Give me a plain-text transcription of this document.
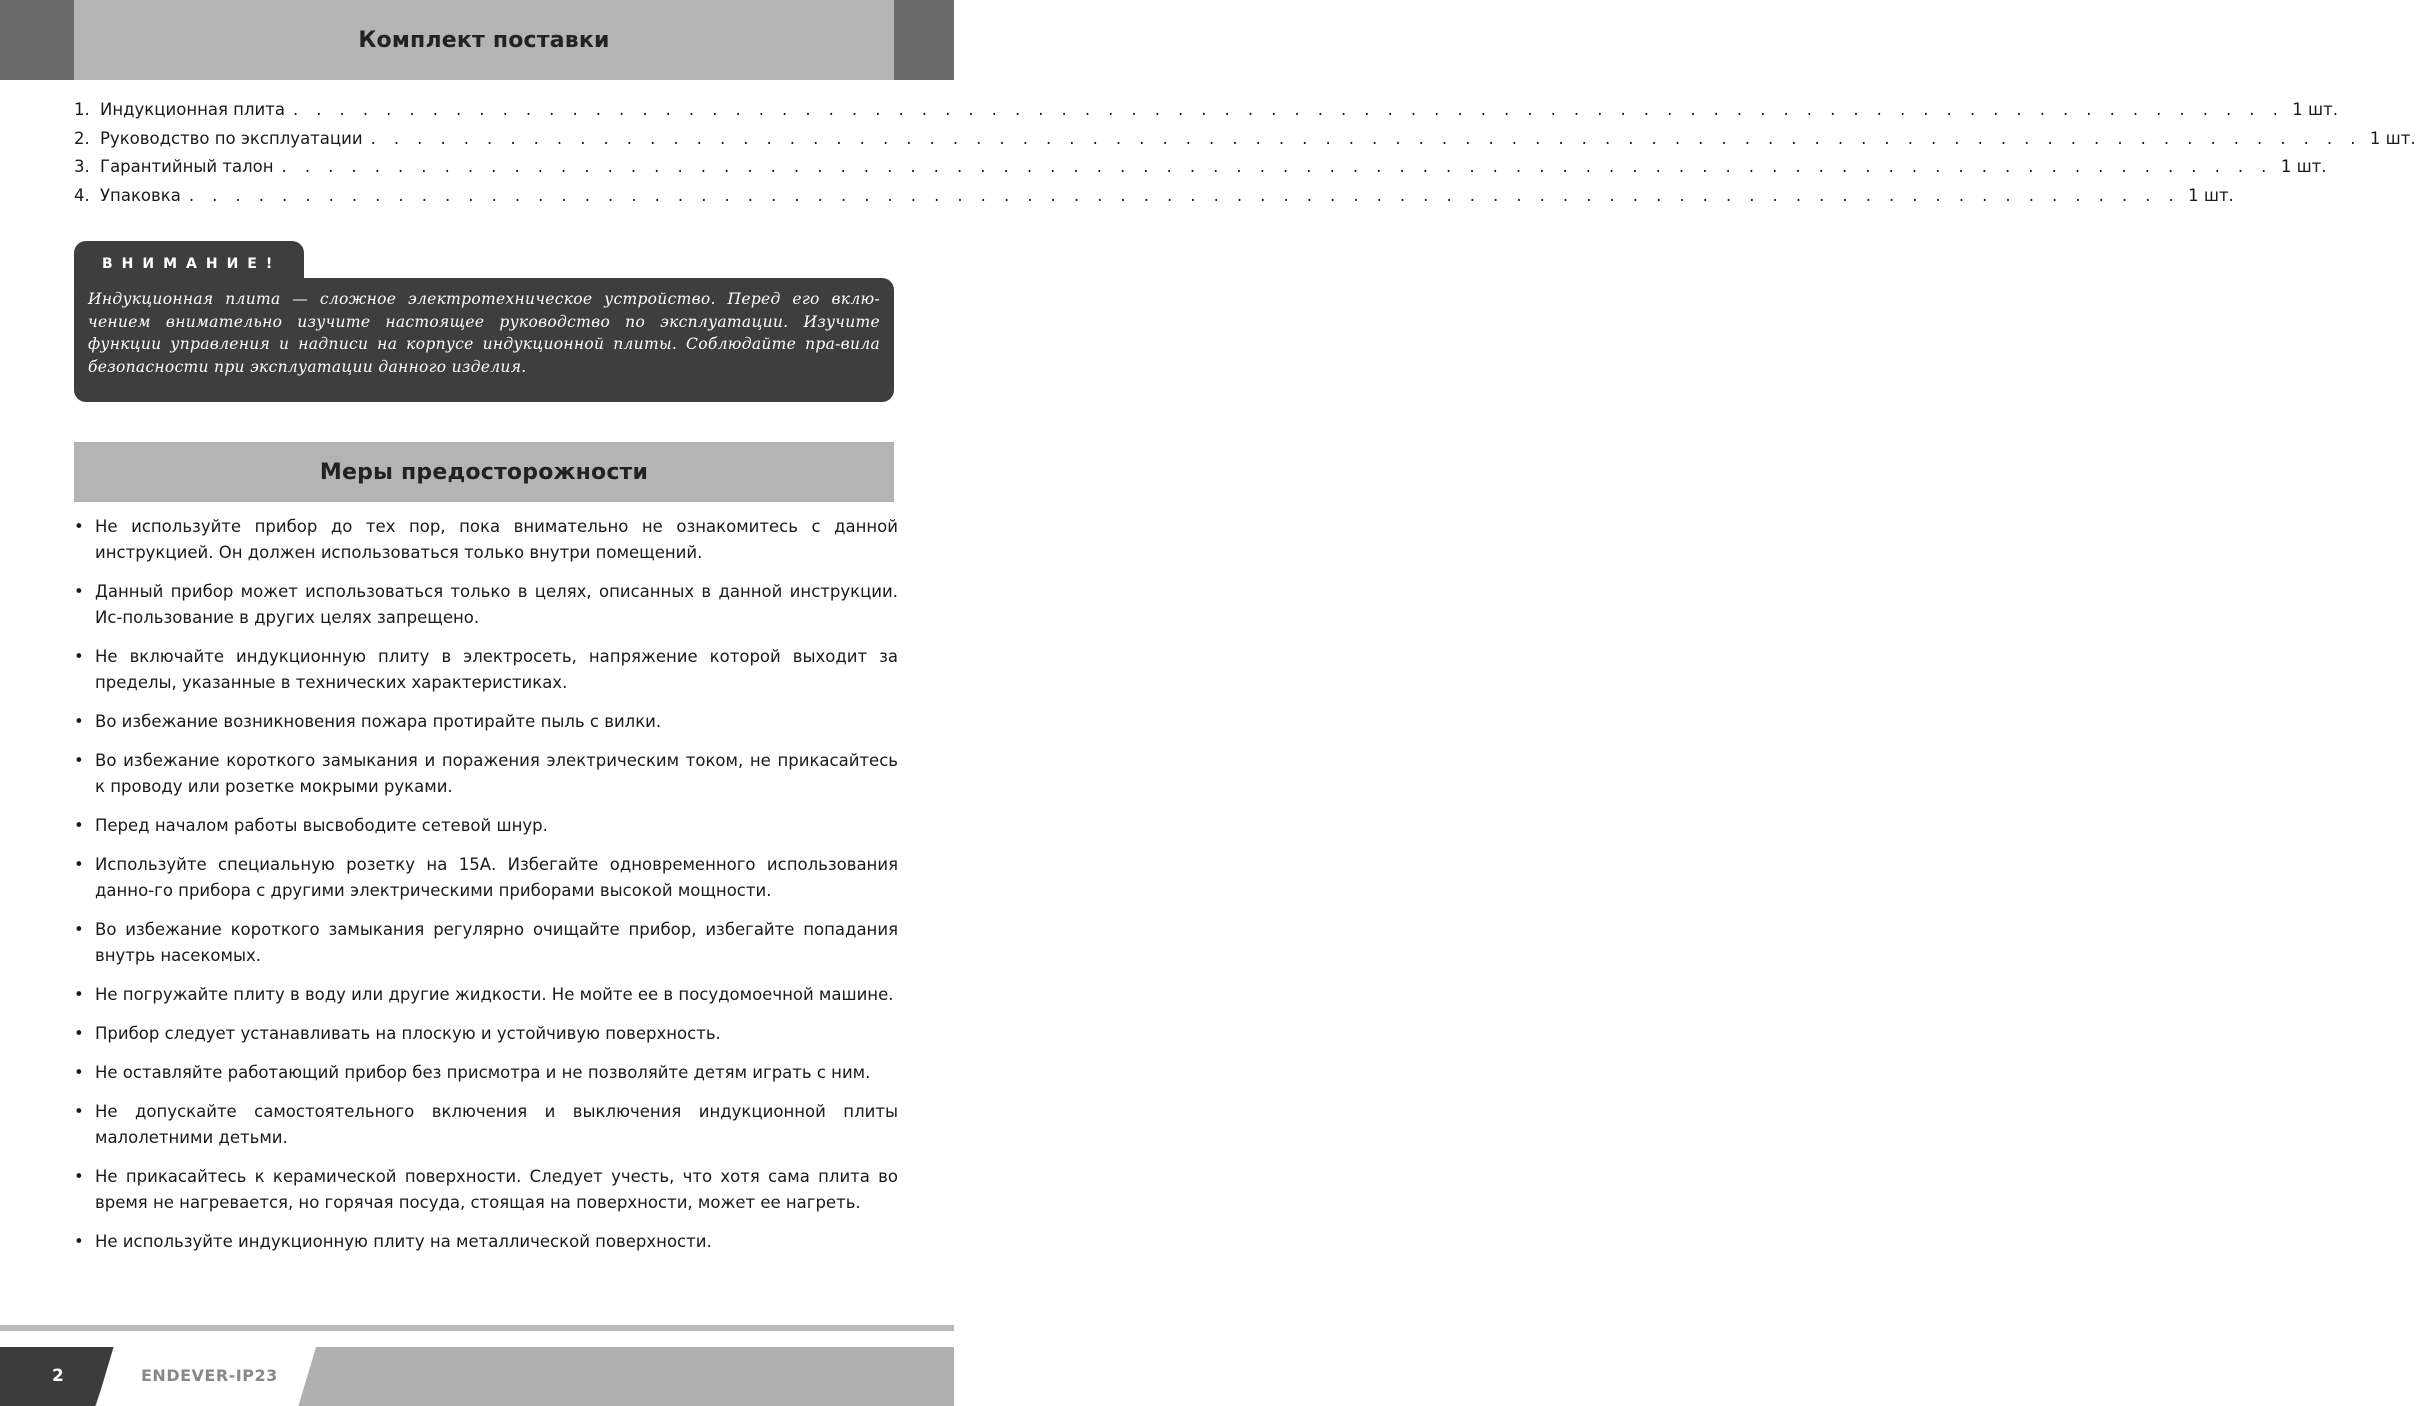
Комплект поставки
1. Индукционная плита . . . . . . . . . . . . . . . . . . . . . . . . . . . . . . . . . . . . . . . . . . . . . . . . . . . . . . . . . . . . . . . . . . . . . . . . . . . . . . . . . . . . . . 1 шт.
2. Руководство по эксплуатации . . . . . . . . . . . . . . . . . . . . . . . . . . . . . . . . . . . . . . . . . . . . . . . . . . . . . . . . . . . . . . . . . . . . . . . . . . . . . . . . . . . . . . 1 шт.
3. Гарантийный талон . . . . . . . . . . . . . . . . . . . . . . . . . . . . . . . . . . . . . . . . . . . . . . . . . . . . . . . . . . . . . . . . . . . . . . . . . . . . . . . . . . . . . . 1 шт.
4. Упаковка . . . . . . . . . . . . . . . . . . . . . . . . . . . . . . . . . . . . . . . . . . . . . . . . . . . . . . . . . . . . . . . . . . . . . . . . . . . . . . . . . . . . . . 1 шт.
Индукционная плита — сложное электротехническое устройство. Перед его вклю-чением внимательно изучите настоящее руководство по эксплуатации. Изучите функции управления и надписи на корпусе индукционной плиты. Соблюдайте пра-вила безопасности при эксплуатации данного изделия.
ВНИМАНИЕ!
Меры предосторожности
• Не используйте прибор до тех пор, пока внимательно не ознакомитесь с данной инструкцией. Он должен использоваться только внутри помещений.
• Данный прибор может использоваться только в целях, описанных в данной инструкции. Ис-пользование в других целях запрещено.
• Не включайте индукционную плиту в электросеть, напряжение которой выходит за пределы, указанные в технических характеристиках.
• Во избежание возникновения пожара протирайте пыль с вилки.
• Во избежание короткого замыкания и поражения электрическим током, не прикасайтесь к проводу или розетке мокрыми руками.
• Перед началом работы высвободите сетевой шнур.
• Используйте специальную розетку на 15А. Избегайте одновременного использования данно-го прибора с другими электрическими приборами высокой мощности.
• Во избежание короткого замыкания регулярно очищайте прибор, избегайте попадания внутрь насекомых.
• Не погружайте плиту в воду или другие жидкости. Не мойте ее в посудомоечной машине.
• Прибор следует устанавливать на плоскую и устойчивую поверхность.
• Не оставляйте работающий прибор без присмотра и не позволяйте детям играть с ним.
• Не допускайте самостоятельного включения и выключения индукционной плиты малолетними детьми.
• Не прикасайтесь к керамической поверхности. Следует учесть, что хотя сама плита во время не нагревается, но горячая посуда, стоящая на поверхности, может ее нагреть.
• Не используйте индукционную плиту на металлической поверхности.
2	ENDEVER-IP23
